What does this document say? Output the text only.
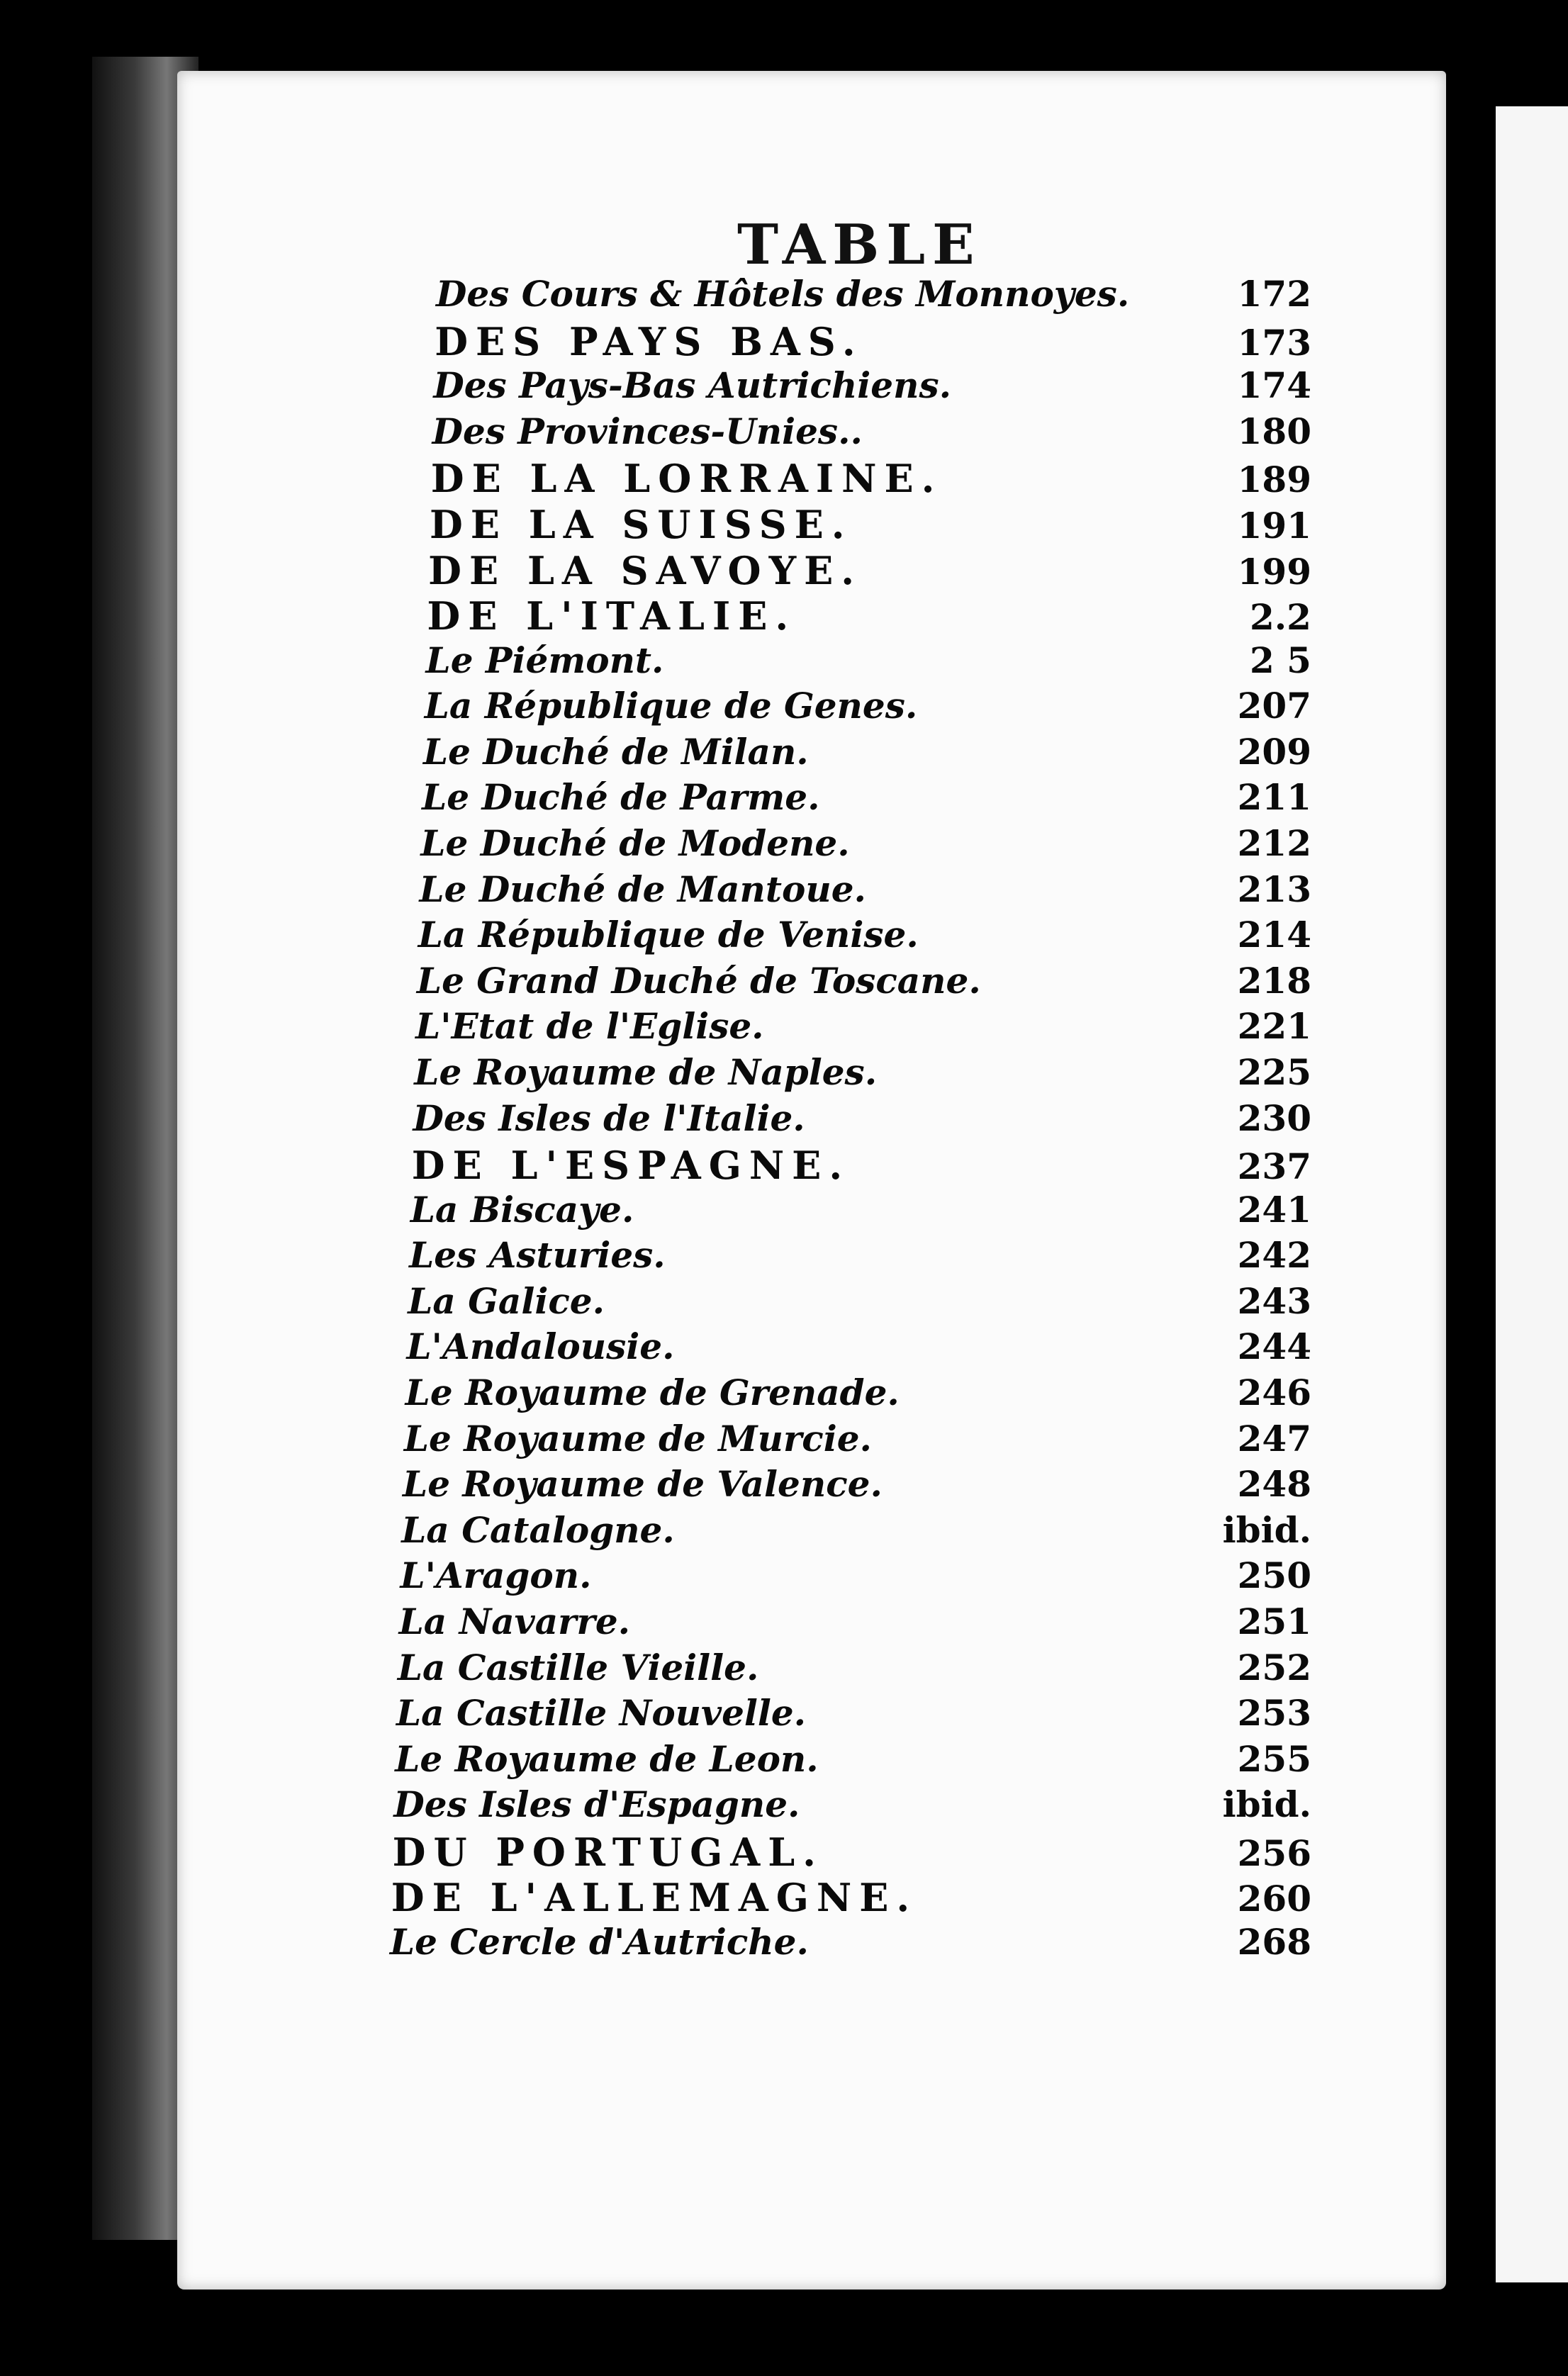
TABLE
Des Cours & Hôtels des Monnoyes.	172
DES PAYS BAS.	173
Des Pays-Bas Autrichiens.	174
Des Provinces-Unies..	180
DE LA LORRAINE.	189
DE LA SUISSE.	191
DE LA SAVOYE.	199
DE L'ITALIE.	2.2
Le Piémont.	2 5
La République de Genes.	207
Le Duché de Milan.	209
Le Duché de Parme.	211
Le Duché de Modene.	212
Le Duché de Mantoue.	213
La République de Venise.	214
Le Grand Duché de Toscane.	218
L'Etat de l'Eglise.	221
Le Royaume de Naples.	225
Des Isles de l'Italie.	230
DE L'ESPAGNE.	237
La Biscaye.	241
Les Asturies.	242
La Galice.	243
L'Andalousie.	244
Le Royaume de Grenade.	246
Le Royaume de Murcie.	247
Le Royaume de Valence.	248
La Catalogne.	ibid.
L'Aragon.	250
La Navarre.	251
La Castille Vieille.	252
La Castille Nouvelle.	253
Le Royaume de Leon.	255
Des Isles d'Espagne.	ibid.
DU PORTUGAL.	256
DE L'ALLEMAGNE.	260
Le Cercle d'Autriche.	268
